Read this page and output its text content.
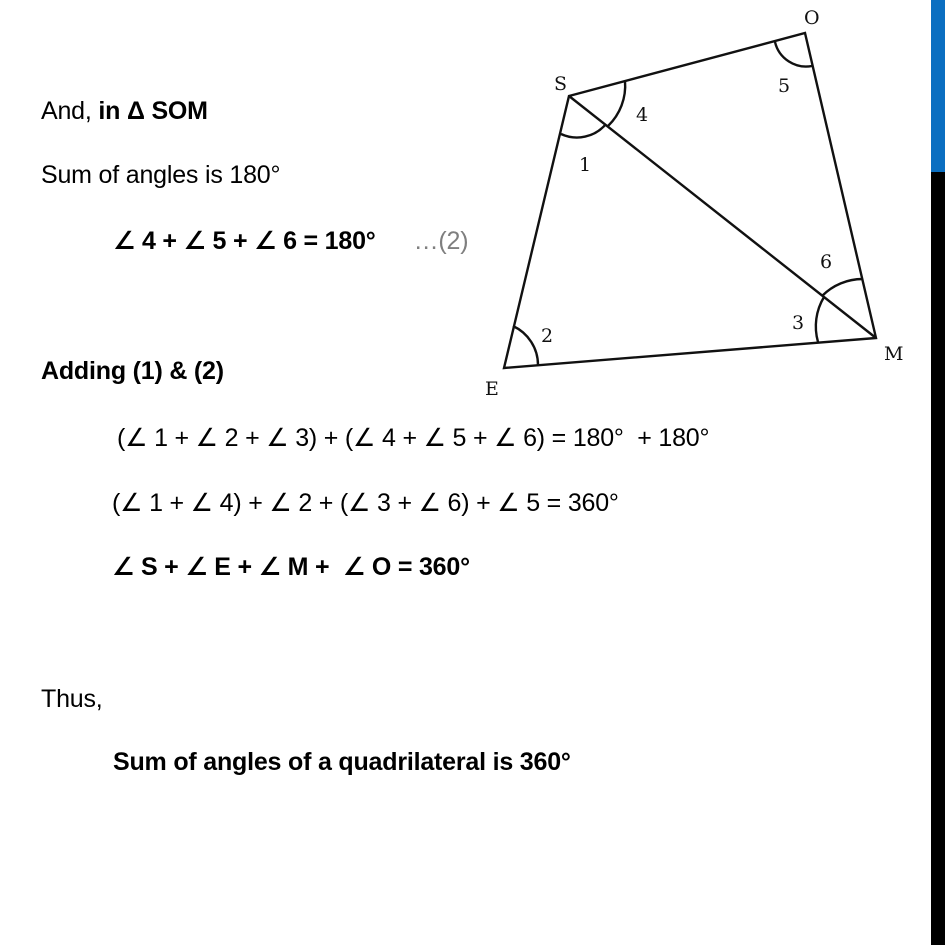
And, in Δ SOM
Sum of angles is 180°
∠ 4 + ∠ 5 + ∠ 6 = 180° …(2)
Adding (1) & (2)
(∠ 1 + ∠ 2 + ∠ 3) + (∠ 4 + ∠ 5 + ∠ 6) = 180°  + 180°
(∠ 1 + ∠ 4) + ∠ 2 + (∠ 3 + ∠ 6) + ∠ 5 = 360°
∠ S + ∠ E + ∠ M +  ∠ O = 360°
Thus,
Sum of angles of a quadrilateral is 360°
S
O
M
E
1
2
3
4
5
6
